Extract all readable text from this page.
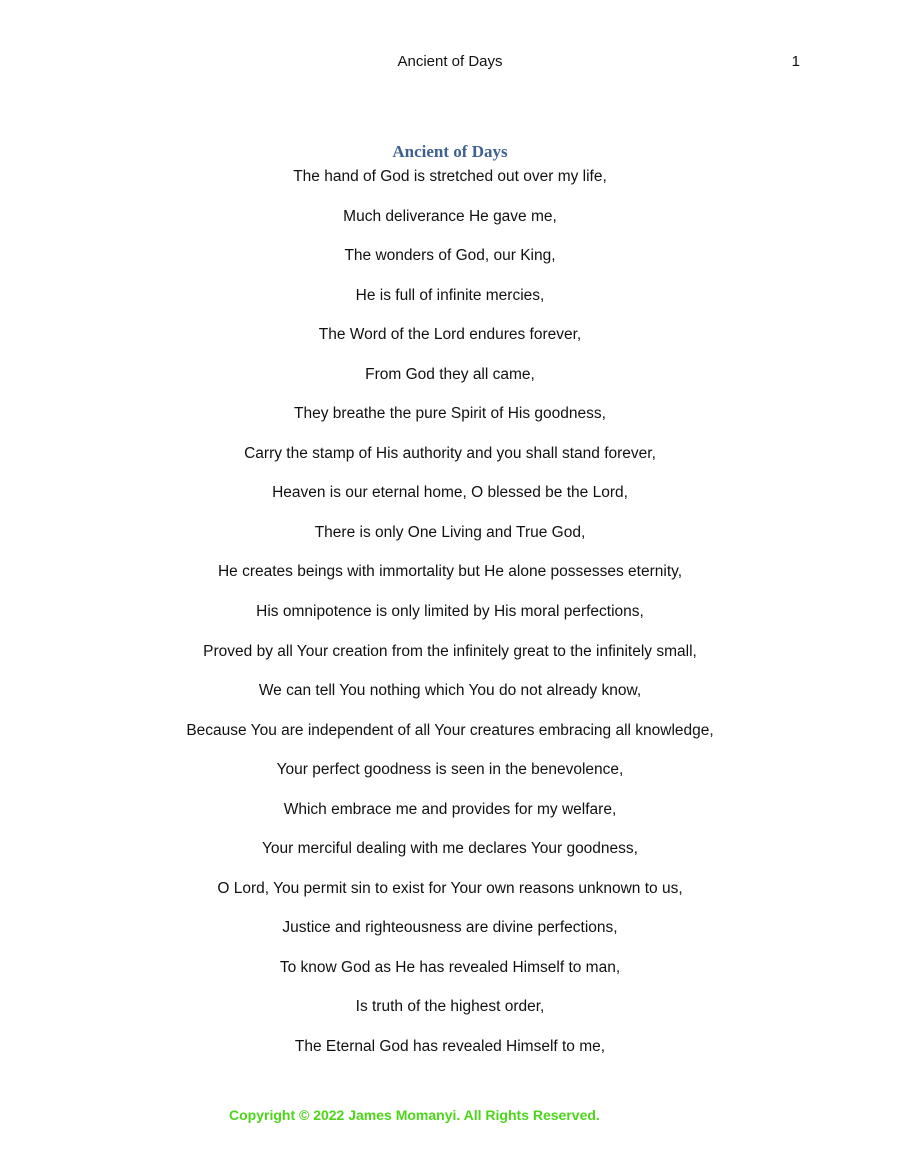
Ancient of Days	1
Ancient of Days
The hand of God is stretched out over my life,
Much deliverance He gave me,
The wonders of God, our King,
He is full of infinite mercies,
The Word of the Lord endures forever,
From God they all came,
They breathe the pure Spirit of His goodness,
Carry the stamp of His authority and you shall stand forever,
Heaven is our eternal home, O blessed be the Lord,
There is only One Living and True God,
He creates beings with immortality but He alone possesses eternity,
His omnipotence is only limited by His moral perfections,
Proved by all Your creation from the infinitely great to the infinitely small,
We can tell You nothing which You do not already know,
Because You are independent of all Your creatures embracing all knowledge,
Your perfect goodness is seen in the benevolence,
Which embrace me and provides for my welfare,
Your merciful dealing with me declares Your goodness,
O Lord, You permit sin to exist for Your own reasons unknown to us,
Justice and righteousness are divine perfections,
To know God as He has revealed Himself to man,
Is truth of the highest order,
The Eternal God has revealed Himself to me,
Copyright © 2022 James Momanyi. All Rights Reserved.
